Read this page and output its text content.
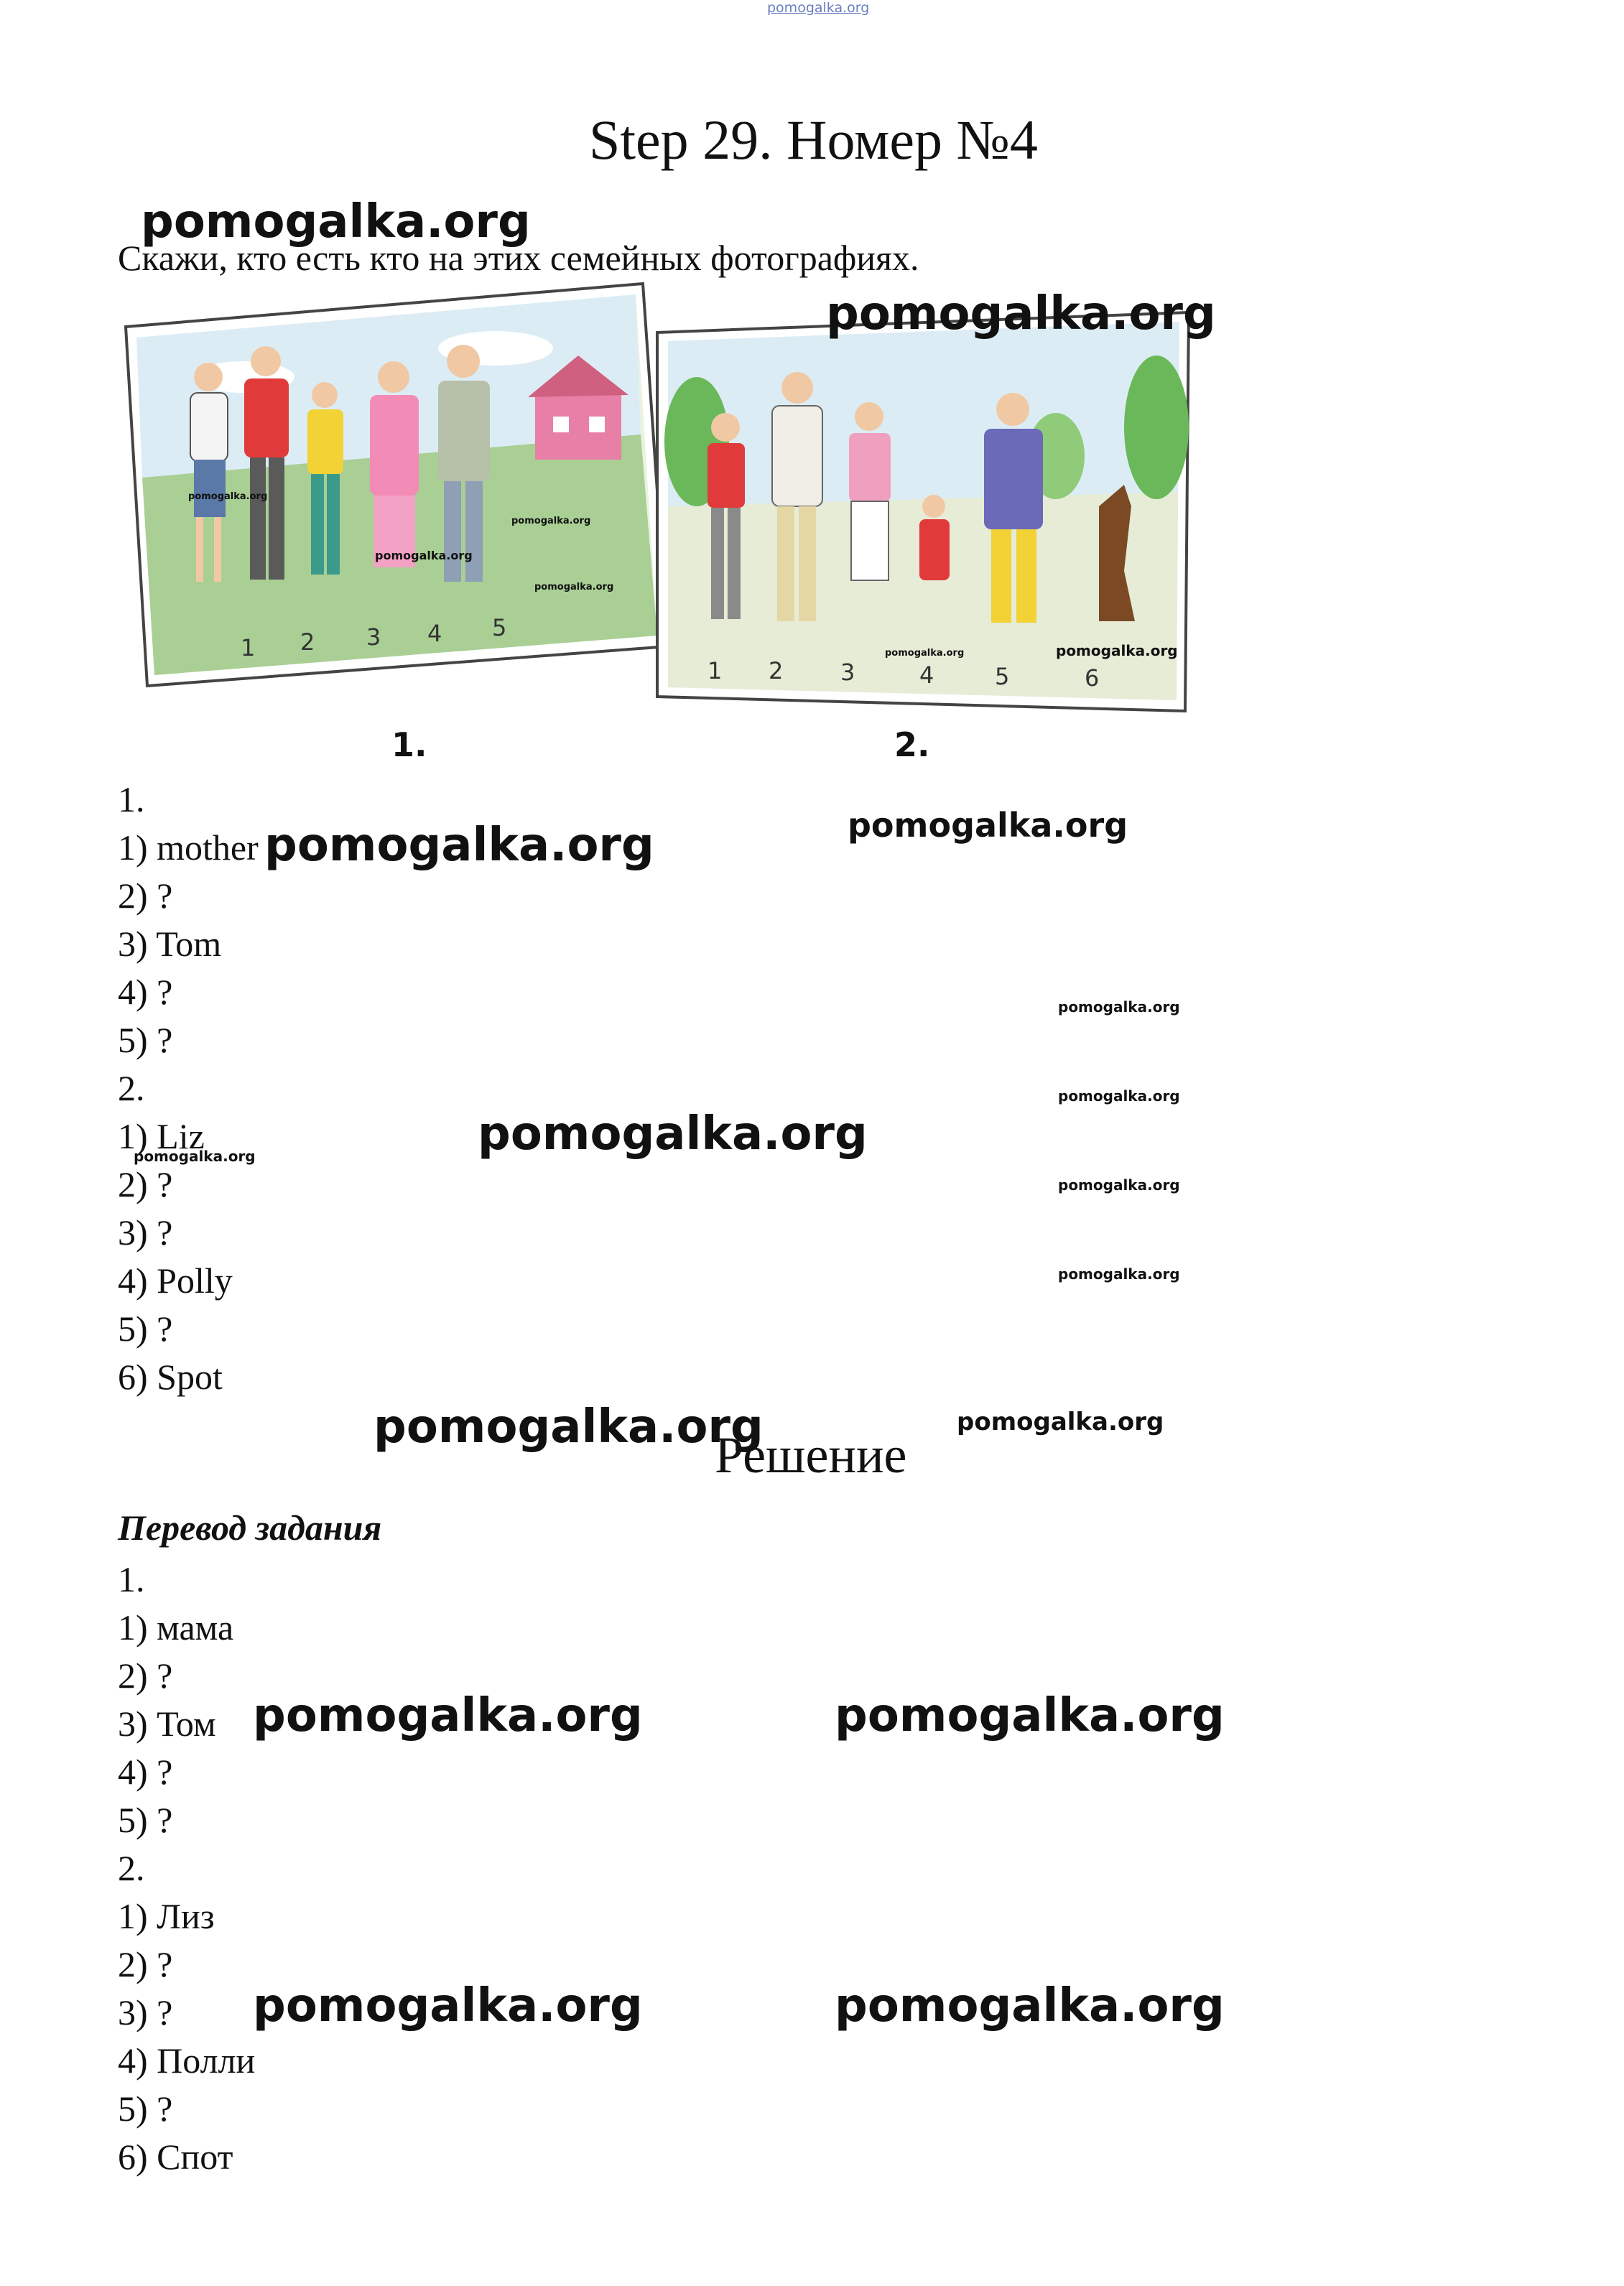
pomogalka.org
Step 29. Номер №4
Скажи, кто есть кто на этих семейных фотографиях.
pomogalka.org
1 2 3 4 5
1 2 3	4	5	6
1.	2.
pomogalka.org
pomogalka.org
pomogalka.org
pomogalka.org
pomogalka.org
pomogalka.org	pomogalka.org
1.
1) mother
2) ?
3) Tom
4) ?
5) ?
2.
1) Liz
2) ?
3) ?
4) Polly
5) ?
6) Spot
pomogalka.org	pomogalka.org
pomogalka.org
pomogalka.org
pomogalka.org
pomogalka.org
pomogalka.org
pomogalka.org
pomogalka.org
Решение
pomogalka.org
Перевод задания
1.
1) мама
2) ?
3) Том
4) ?
5) ?
2.
1) Лиз
2) ?
3) ?
4) Полли
5) ?
6) Спот
pomogalka.org	pomogalka.org
pomogalka.org	pomogalka.org
